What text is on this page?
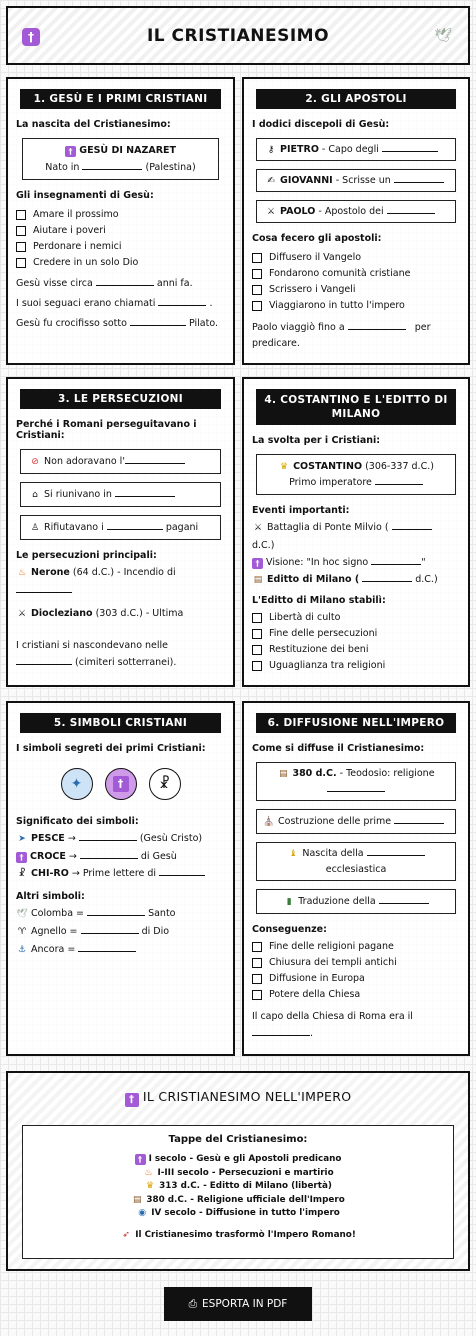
†	IL CRISTIANESIMO	🕊
1. GESÙ E I PRIMI CRISTIANI
La nascita del Cristianesimo:
† GESÙ DI NAZARET
Nato in	(Palestina)
Gli insegnamenti di Gesù:
Amare il prossimo
Aiutare i poveri
Perdonare i nemici
Credere in un solo Dio
Gesù visse circa	anni fa.
I suoi seguaci erano chiamati	.
Gesù fu crocifisso sotto	Pilato.
2. GLI APOSTOLI
I dodici discepoli di Gesù:
⚷ PIETRO - Capo degli
✍ GIOVANNI - Scrisse un
⚔ PAOLO - Apostolo dei
Cosa fecero gli apostoli:
Diffusero il Vangelo
Fondarono comunità cristiane
Scrissero i Vangeli
Viaggiarono in tutto l'impero
Paolo viaggiò fino a	per
predicare.
3. LE PERSECUZIONI
Perché i Romani perseguitavano i Cristiani:
⊘ Non adoravano l'
⌂ Si riunivano in
♙ Rifiutavano i	pagani
Le persecuzioni principali:
♨ Nerone (64 d.C.) - Incendio di
⚔ Diocleziano (303 d.C.) - Ultima
I cristiani si nascondevano nelle
(cimiteri sotterranei).
4. COSTANTINO E L'EDITTO DI MILANO
La svolta per i Cristiani:
♛ COSTANTINO (306-337 d.C.)
Primo imperatore
Eventi importanti:
⚔ Battaglia di Ponte Milvio (
d.C.)
† Visione: "In hoc signo	"
▤ Editto di Milano (	d.C.)
L'Editto di Milano stabilì:
Libertà di culto
Fine delle persecuzioni
Restituzione dei beni
Uguaglianza tra religioni
5. SIMBOLI CRISTIANI
I simboli segreti dei primi Cristiani:
✦	†	☧
Significato dei simboli:
➤ PESCE →	(Gesù Cristo)
† CROCE →	di Gesù
☧ CHI-RO → Prime lettere di
Altri simboli:
🕊 Colomba =	Santo
♈ Agnello =	di Dio
⚓ Ancora =
6. DIFFUSIONE NELL'IMPERO
Come si diffuse il Cristianesimo:
▤ 380 d.C. - Teodosio: religione
⛪ Costruzione delle prime
♝ Nascita della
ecclesiastica
▮ Traduzione della
Conseguenze:
Fine delle religioni pagane
Chiusura dei templi antichi
Diffusione in Europa
Potere della Chiesa
Il capo della Chiesa di Roma era il
.
† IL CRISTIANESIMO NELL'IMPERO
Tappe del Cristianesimo:
† I secolo - Gesù e gli Apostoli predicano
♨ I-III secolo - Persecuzioni e martirio
♛ 313 d.C. - Editto di Milano (libertà)
▤ 380 d.C. - Religione ufficiale dell'Impero
◉ IV secolo - Diffusione in tutto l'impero
➶ Il Cristianesimo trasformò l'Impero Romano!
⎙ ESPORTA IN PDF
